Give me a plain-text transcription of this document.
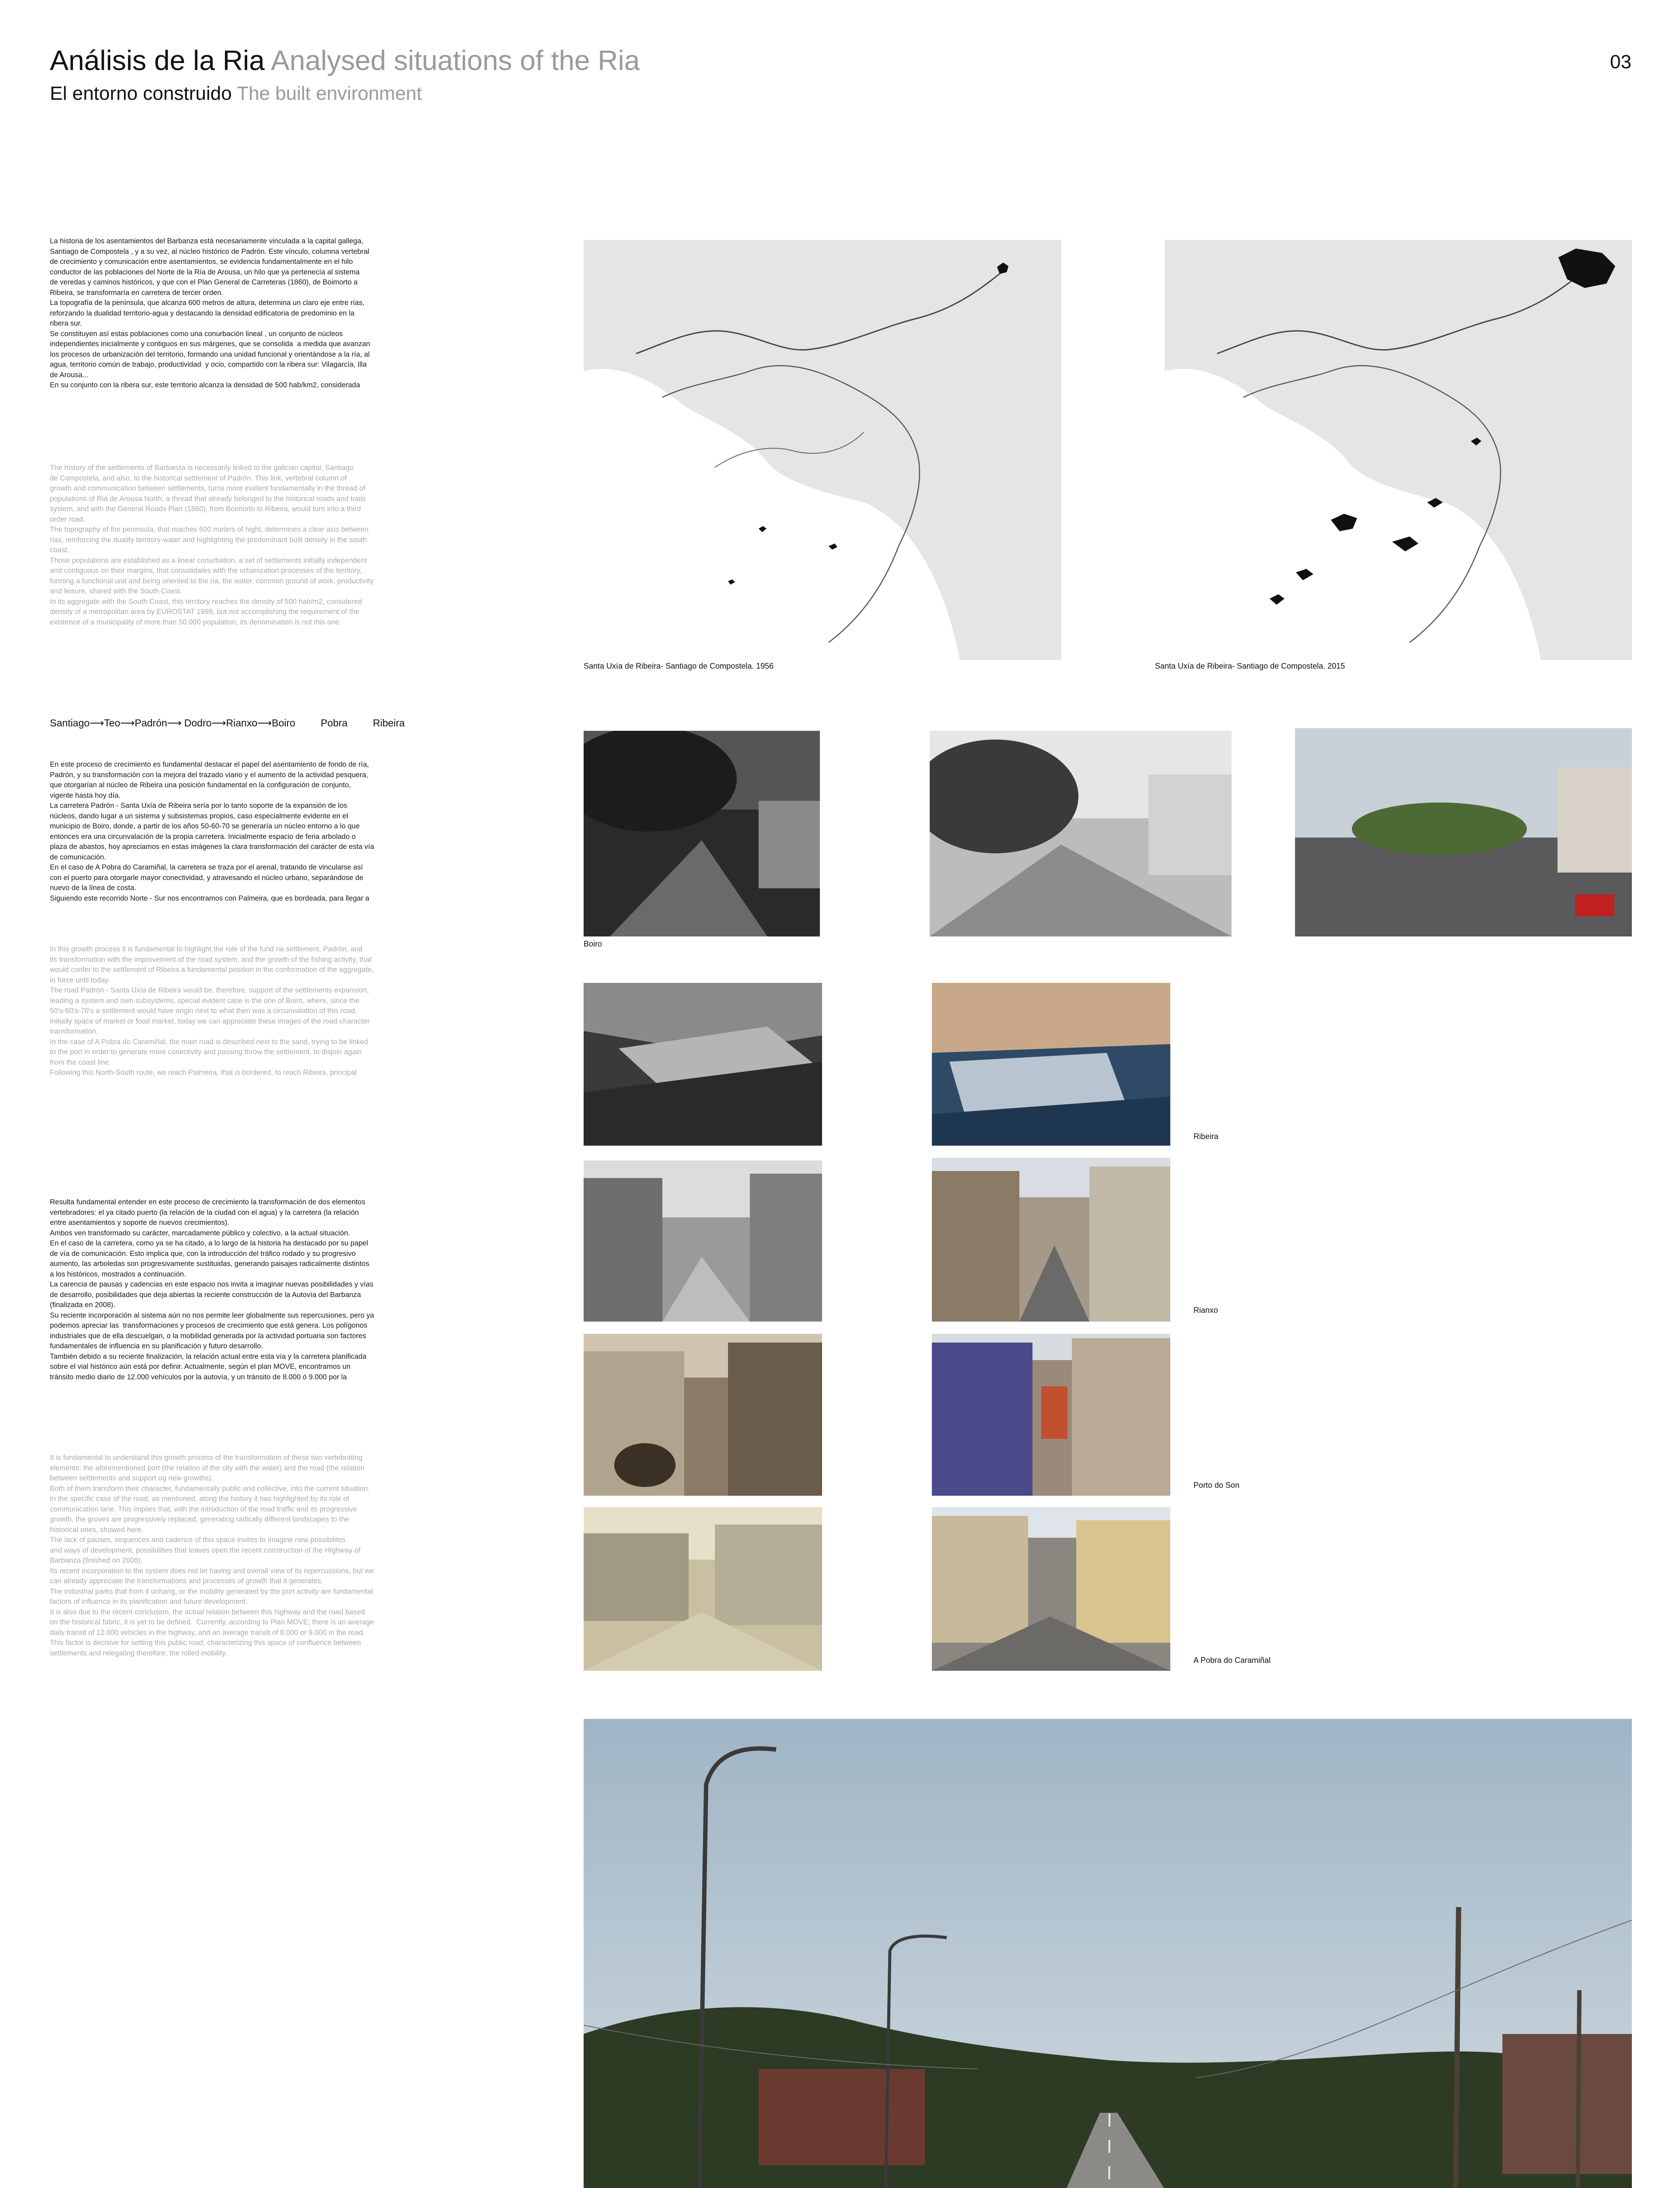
Análisis de la Ria Analysed situations of the Ria
El entorno construido The built environment
03
La historia de los asentamientos del Barbanza está necesariamente vinculada a la capital gallega,
Santiago de Compostela , y a su vez, al núcleo histórico de Padrón. Este vínculo, columna vertebral
de crecimiento y comunicación entre asentamientos, se evidencia fundamentalmente en el hilo
conductor de las poblaciones del Norte de la Ría de Arousa, un hilo que ya pertenecía al sistema
de veredas y caminos históricos, y que con el Plan General de Carreteras (1860), de Boimorto a
Ribeira, se transformaría en carretera de tercer orden.
La topografía de la península, que alcanza 600 metros de altura, determina un claro eje entre rías,
reforzando la dualidad territorio-agua y destacando la densidad edificatoria de predominio en la
ribera sur.
Se constituyen así estas poblaciones como una conurbación lineal , un conjunto de núcleos
independientes inicialmente y contiguos en sus márgenes, que se consolida  a medida que avanzan
los procesos de urbanización del territorio, formando una unidad funcional y orientándose a la ría, al
agua, territorio común de trabajo, productividad  y ocio, compartido con la ribera sur: Vilagarcía, Illa
de Arousa...
En su conjunto con la ribera sur, este territorio alcanza la densidad de 500 hab/km2, considerada
The history of the settlements of Barbanza is necessarily linked to the galician capital, Santiago
de Compostela, and also, to the historical settlement of Padrón. This link, vertebral column of
growth and communication between settlements, turns more evident fundamentally in the thread of
populations of Ria de Arousa North, a thread that already belonged to the historical roads and trails
system, and with the General Roads Plan (1860), from Boimorto to Ribeira, would turn into a third
order road.
The topography of the peninsula, that reaches 600 meters of hight, determines a clear axis between
rias, reinforcing the duality territory-water and highlighting the predominant built density in the south
coast.
Those populations are established as a linear conurbation, a set of settlements initially independent
and contiguous on their margins, that consolidates with the urbanization processes of the territory,
forming a functional unit and being oriented to the ria, the water, common ground of work, productivity
and leisure, shared with the South Coast.
In its aggregate with the South Coast, this territory reaches the density of 500 hab/m2, considered
density of a metropolitan area by EUROSTAT 1999, but not accomplishing the requirement of the
existence of a municipality of more than 50.000 population, its denomination is not this one.
Santiago⟶Teo⟶Padrón⟶ Dodro⟶Rianxo⟶Boiro	Pobra	Ribeira
En este proceso de crecimiento es fundamental destacar el papel del asentamiento de fondo de ría,
Padrón, y su transformación con la mejora del trazado viario y el aumento de la actividad pesquera,
que otorgarían al núcleo de Ribeira una posición fundamental en la configuración de conjunto,
vigente hasta hoy día.
La carretera Padrón - Santa Uxía de Ribeira sería por lo tanto soporte de la expansión de los
núcleos, dando lugar a un sistema y subsistemas propios, caso especialmente evidente en el
municipio de Boiro, donde, a partir de los años 50-60-70 se generaría un núcleo entorno a lo que
entonces era una circunvalación de la propia carretera. Inicialmente espacio de feria arbolado o
plaza de abastos, hoy apreciamos en estas imágenes la clara transformación del carácter de esta vía
de comunicación.
En el caso de A Pobra do Caramiñal, la carretera se traza por el arenal, tratando de vincularse así
con el puerto para otorgarle mayor conectividad, y atravesando el núcleo urbano, separándose de
nuevo de la línea de costa.
Siguiendo este recorrido Norte - Sur nos encontramos con Palmeira, que es bordeada, para llegar a
In this growth process it is fundamental to highlight the role of the fund ria settlement, Padrón, and
its transformation with the improvement of the road system, and the growth of the fishing activity, that
would confer to the settlement of Ribeira a fundamental position in the conformation of the aggregate,
in force until today.
The road Padrón - Santa Uxía de Ribeira would be, therefore, support of the settlements expansion,
leading a system and own subsystems, special evident case is the one of Boiro, where, since the
50's-60's-70's a settlement would have origin next to what then was a circunvalation of this road.
Initially space of market or food market, today we can appreciate these images of the road character
transformation.
In the case of A Pobra do Caramiñal, the main road is described next to the sand, trying to be linked
to the port in order to generate more conectivity and passing throw the settlement, to disjoin again
from the coast line.
Following this North-South route, we reach Palmeira, that is bordered, to reach Ribeira, principal
Resulta fundamental entender en este proceso de crecimiento la transformación de dos elementos
vertebradores: el ya citado puerto (la relación de la ciudad con el agua) y la carretera (la relación
entre asentamientos y soporte de nuevos crecimientos).
Ambos ven transformado su carácter, marcadamente público y colectivo, a la actual situación.
En el caso de la carretera, como ya se ha citado, a lo largo de la historia ha destacado por su papel
de vía de comunicación. Esto implica que, con la introducción del tráfico rodado y su progresivo
aumento, las arboledas son progresivamente sustituidas, generando paisajes radicalmente distintos
a los históricos, mostrados a continuación.
La carencia de pausas y cadencias en este espacio nos invita a imaginar nuevas posibilidades y vías
de desarrollo, posibilidades que deja abiertas la reciente construcción de la Autovía del Barbanza
(finalizada en 2008).
Su reciente incorporación al sistema aún no nos permite leer globalmente sus repercusiones, pero ya
podemos apreciar las  transformaciones y procesos de crecimiento que está genera. Los polígonos
industriales que de ella descuelgan, o la mobilidad generada por la actividad portuaria son factores
fundamentales de influencia en su planificación y futuro desarrollo.
También debido a su reciente finalización, la relación actual entre esta vía y la carretera planificada
sobre el vial histórico aún está por definir. Actualmente, según el plan MOVE, encontramos un
tránsito medio diario de 12.000 vehículos por la autovía, y un tránsito de 8.000 ó 9.000 por la
It is fundamental to understand this growth process of the transformation of these two vertebrating
elements: the aforementioned port (the relation of the city with the water) and the road (the relation
between settlements and support og new growths).
Both of them transform their character, fundamentally public and collective, into the current situation.
In the specific case of the road, as mentioned, along the history it has highlighted by its role of
communication lane. This implies that, with the introduction of the road traffic and its progressive
growth, the groves are progressively replaced, generating radically different landscapes to the
historical ones, showed here.
The lack of pauses, sequences and cadence of this space invites to imagine new possibilites
and ways of development, possibilities that leaves open the recent construction of the Highway of
Barbanza (finished on 2008).
Its recent incorporation to the system does not let having and overall view of its repercussions, but we
can already appreciate the transformations and processes of growth that it generates.
The industrial parks that from it unhang, or the mobility generated by the port activity are fundamental
factors of influence in its planification and future development.
It is also due to the recent conclusion, the actual relation between this highway and the road based
on the historical fabric, it is yet to be defined.  Currently, according to Plan MOVE, there is an average
daily transit of 12.000 vehicles in the highway, and an average transit of 8.000 or 9.000 in the road.
This factor is decisive for setting this public road, characterizing this space of confluence between
settlements and relegating therefore, the rolled mobility.
Santa Uxía de Ribeira- Santiago de Compostela. 1956	Santa Uxía de Ribeira- Santiago de Compostela. 2015
Boiro
Ribeira
Rianxo
Porto do Son
A Pobra do Caramiñal
